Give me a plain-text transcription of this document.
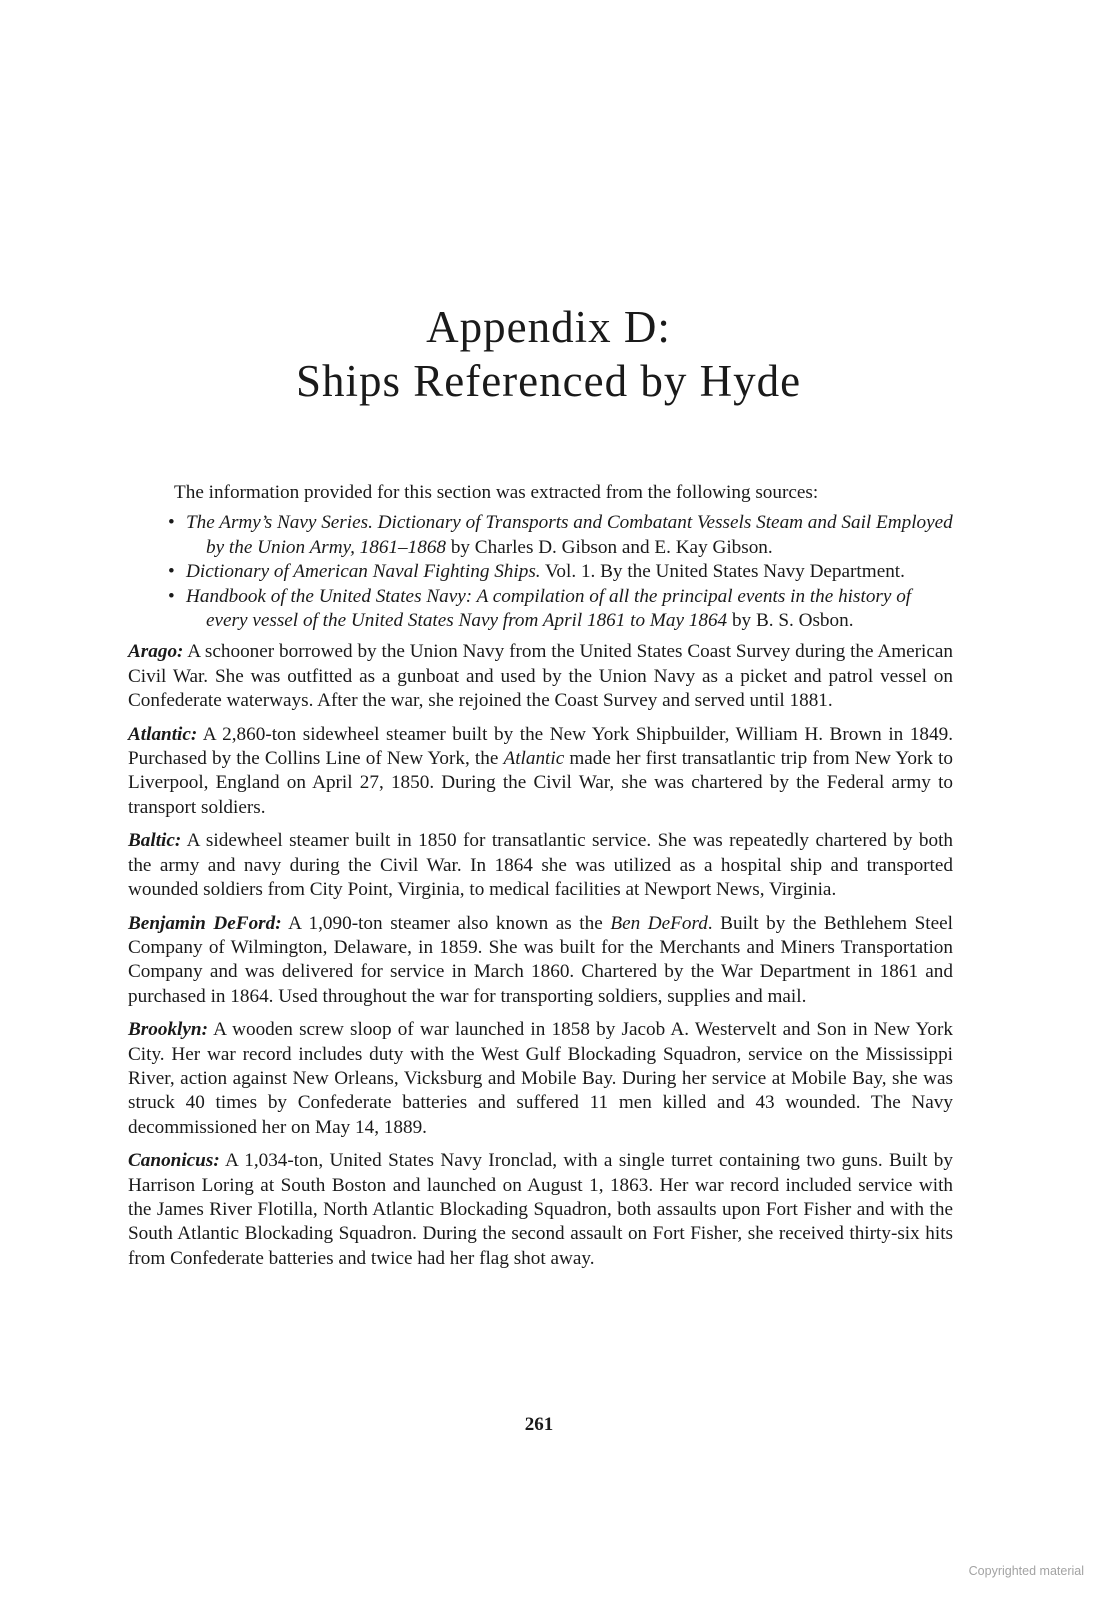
Appendix D:
Ships Referenced by Hyde

The information provided for this section was extracted from the following sources:

• The Army’s Navy Series. Dictionary of Transports and Combatant Vessels Steam and Sail Employed by the Union Army, 1861–1868 by Charles D. Gibson and E. Kay Gibson.
• Dictionary of American Naval Fighting Ships. Vol. 1. By the United States Navy Department.
• Handbook of the United States Navy: A compilation of all the principal events in the history of every vessel of the United States Navy from April 1861 to May 1864 by B. S. Osbon.

Arago: A schooner borrowed by the Union Navy from the United States Coast Survey during the American Civil War. She was outfitted as a gunboat and used by the Union Navy as a picket and patrol vessel on Confederate waterways. After the war, she rejoined the Coast Survey and served until 1881.

Atlantic: A 2,860-ton sidewheel steamer built by the New York Shipbuilder, William H. Brown in 1849. Purchased by the Collins Line of New York, the Atlantic made her first transatlantic trip from New York to Liverpool, England on April 27, 1850. During the Civil War, she was chartered by the Federal army to transport soldiers.

Baltic: A sidewheel steamer built in 1850 for transatlantic service. She was repeatedly chartered by both the army and navy during the Civil War. In 1864 she was utilized as a hospital ship and transported wounded soldiers from City Point, Virginia, to medical facilities at Newport News, Virginia.

Benjamin DeFord: A 1,090-ton steamer also known as the Ben DeFord. Built by the Bethlehem Steel Company of Wilmington, Delaware, in 1859. She was built for the Merchants and Miners Transportation Company and was delivered for service in March 1860. Chartered by the War Department in 1861 and purchased in 1864. Used throughout the war for transporting soldiers, supplies and mail.

Brooklyn: A wooden screw sloop of war launched in 1858 by Jacob A. Westervelt and Son in New York City. Her war record includes duty with the West Gulf Blockading Squadron, service on the Mississippi River, action against New Orleans, Vicksburg and Mobile Bay. During her service at Mobile Bay, she was struck 40 times by Confederate batteries and suffered 11 men killed and 43 wounded. The Navy decommissioned her on May 14, 1889.

Canonicus: A 1,034-ton, United States Navy Ironclad, with a single turret containing two guns. Built by Harrison Loring at South Boston and launched on August 1, 1863. Her war record included service with the James River Flotilla, North Atlantic Blockading Squadron, both assaults upon Fort Fisher and with the South Atlantic Blockading Squadron. During the second assault on Fort Fisher, she received thirty-six hits from Confederate batteries and twice had her flag shot away.

261
Copyrighted material
